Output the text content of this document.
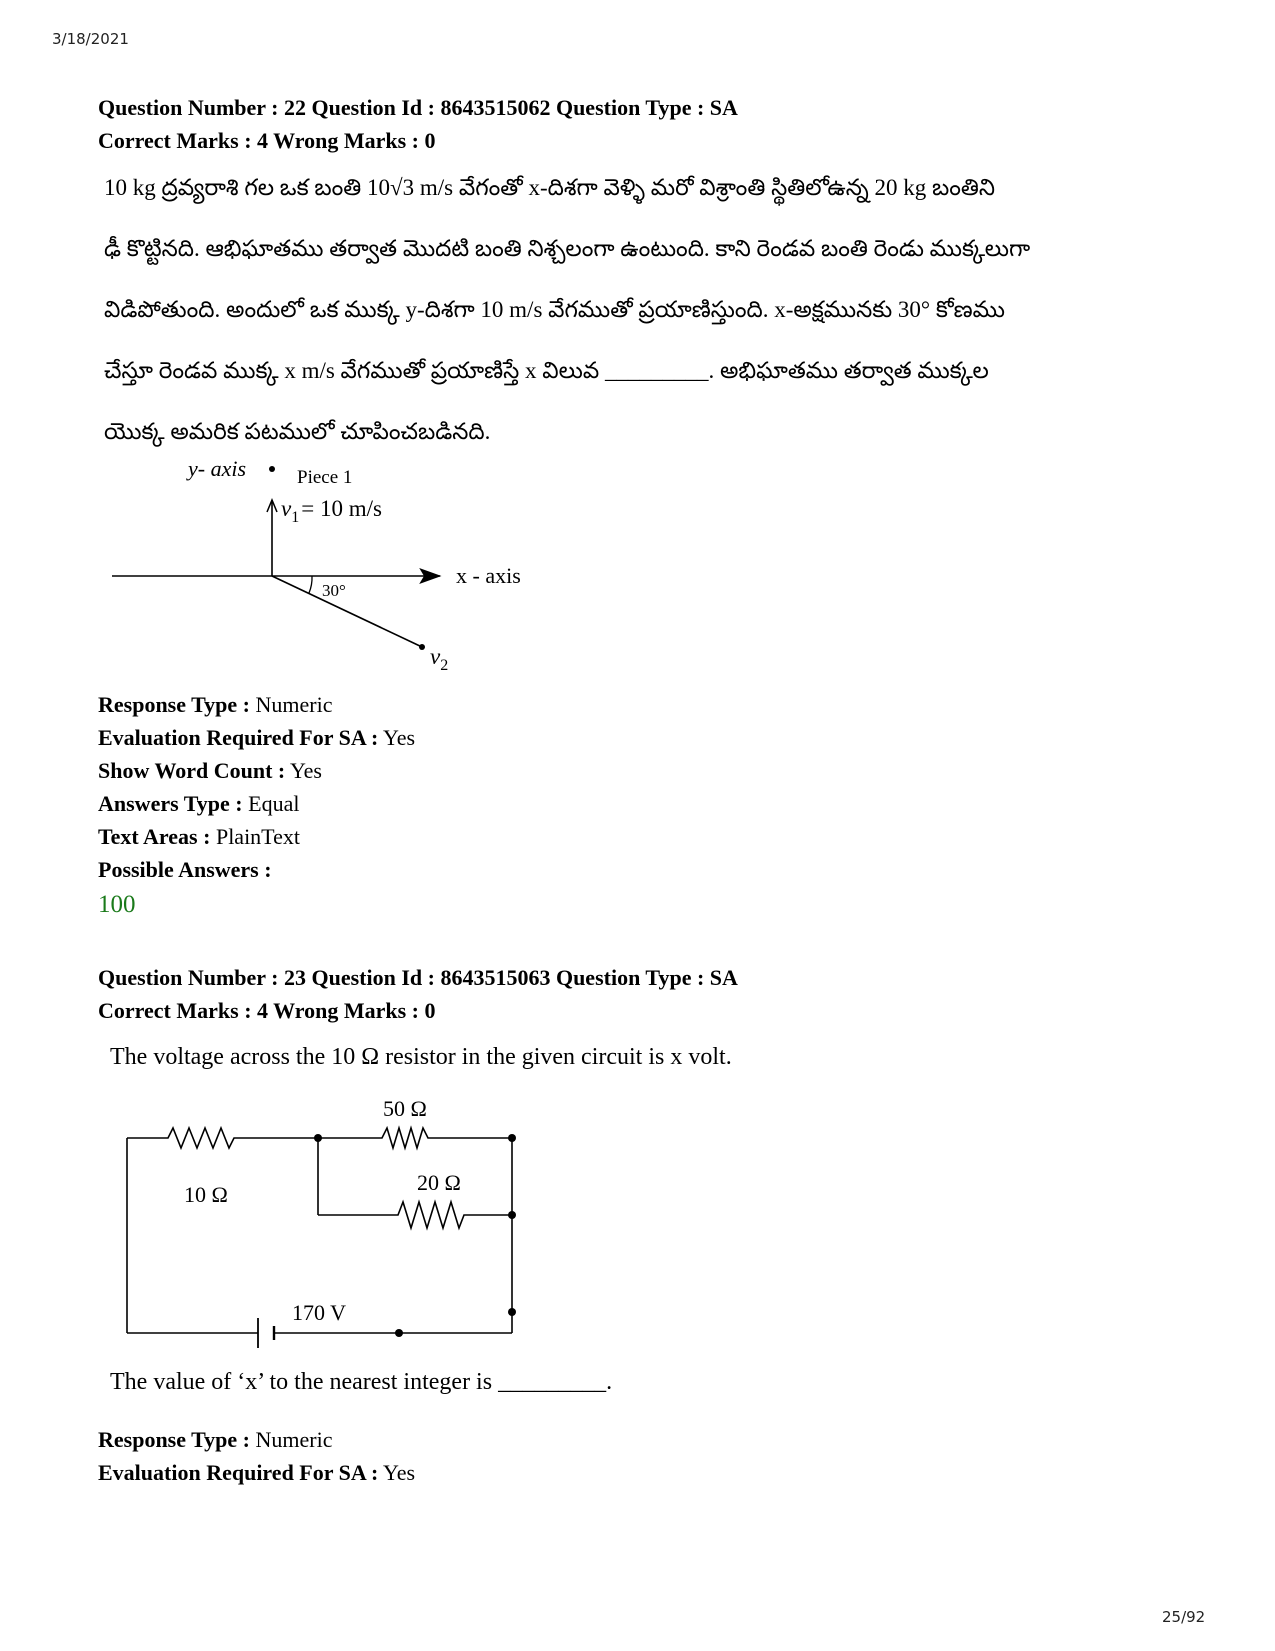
3/18/2021
25/92
Question Number : 22 Question Id : 8643515062 Question Type : SA
Correct Marks : 4 Wrong Marks : 0
10 kg ద్రవ్యరాశి గల ఒక బంతి 10√3 m/s వేగంతో x-దిశగా వెళ్ళి మరో విశ్రాంతి స్థితిలోఉన్న 20 kg బంతిని
ఢీ కొట్టినది. ఆభిఘాతము తర్వాత మొదటి బంతి నిశ్చలంగా ఉంటుంది. కాని రెండవ బంతి రెండు ముక్కలుగా
విడిపోతుంది. అందులో ఒక ముక్క y-దిశగా 10 m/s వేగముతో ప్రయాణిస్తుంది. x-అక్షమునకు 30° కోణము
చేస్తూ రెండవ ముక్క x m/s వేగముతో ప్రయాణిస్తే x విలువ _________. అభిఘాతము తర్వాత ముక్కల
యొక్క అమరిక పటములో చూపించబడినది.
y- axis	Piece 1
$v_1= 10$ m/s
x - axis
30°
$v_2$
Response Type : Numeric
Evaluation Required For SA : Yes
Show Word Count : Yes
Answers Type : Equal
Text Areas : PlainText
Possible Answers :
100
Question Number : 23 Question Id : 8643515063 Question Type : SA
Correct Marks : 4 Wrong Marks : 0
The voltage across the 10 Ω resistor in the given circuit is x volt.
10 Ω
50 Ω
20 Ω
170 V
The value of ‘x’ to the nearest integer is _________.
Response Type : Numeric
Evaluation Required For SA : Yes
